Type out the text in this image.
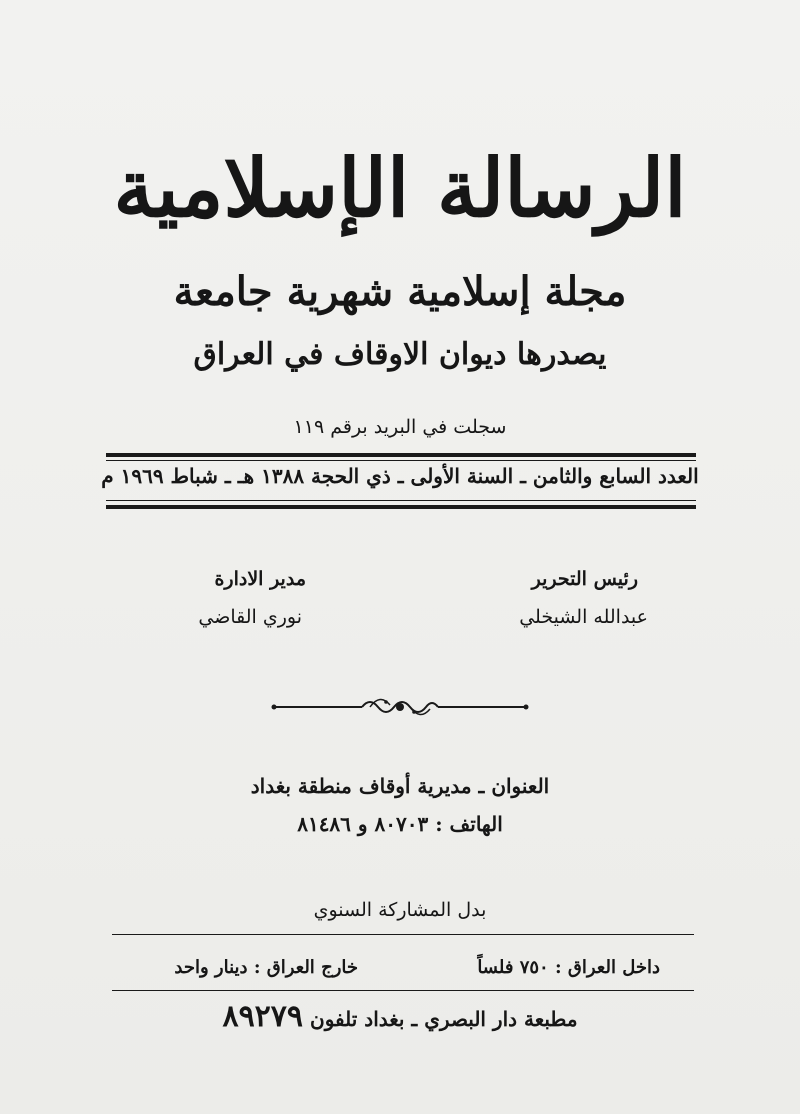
الرسالة الإسلامية
مجلة إسلامية شهرية جامعة
يصدرها ديوان الاوقاف في العراق
سجلت في البريد برقم ١١٩
العدد السابع والثامن ـ السنة الأولى ـ ذي الحجة ١٣٨٨ هـ ـ شباط ١٩٦٩ م
رئيس التحرير
عبدالله الشيخلي
مدير الادارة
نوري القاضي
العنوان ـ مديرية أوقاف منطقة بغداد
الهاتف : ٨٠٧٠٣ و ٨١٤٨٦
بدل المشاركة السنوي
داخل العراق : ٧٥٠ فلساً
خارج العراق : دينار واحد
مطبعة دار البصري ـ بغداد تلفون ٨٩٢٧٩
